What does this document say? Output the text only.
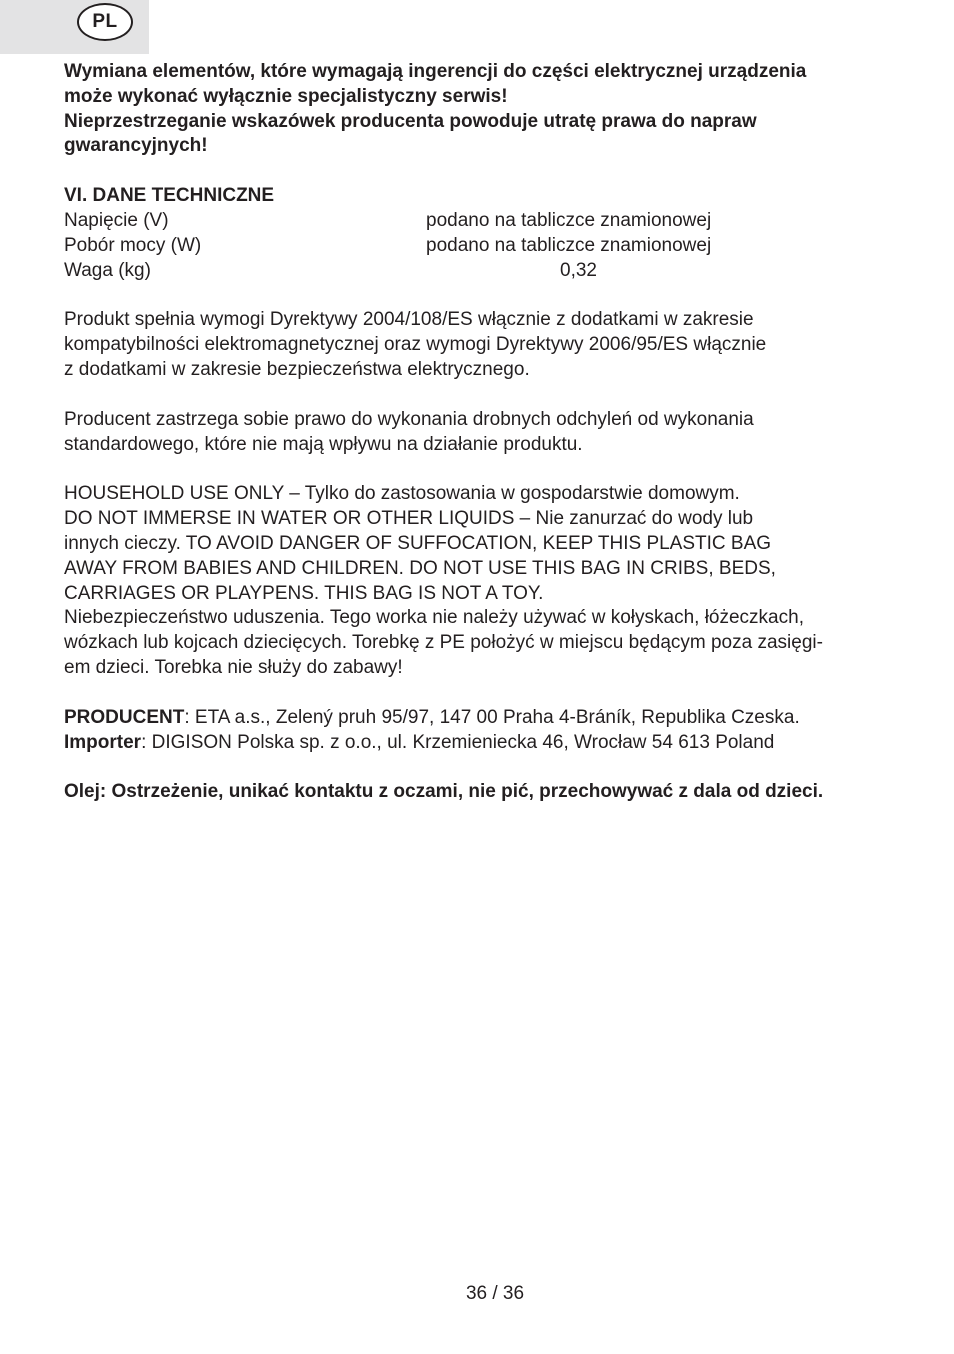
PL

Wymiana elementów, które wymagają ingerencji do części elektrycznej urządzenia
może wykonać wyłącznie specjalistyczny serwis!

Nieprzestrzeganie wskazówek producenta powoduje utratę prawa do napraw
gwarancyjnych!

VI. DANE TECHNICZNE

Napięcie (V)	podano na tabliczce znamionowej
Pobór mocy (W)	podano na tabliczce znamionowej
Waga (kg)	0,32

Produkt spełnia wymogi Dyrektywy 2004/108/ES włącznie z dodatkami w zakresie
kompatybilności elektromagnetycznej oraz wymogi Dyrektywy 2006/95/ES włącznie
z dodatkami w zakresie bezpieczeństwa elektrycznego.

Producent zastrzega sobie prawo do wykonania drobnych odchyleń od wykonania
standardowego, które nie mają wpływu na działanie produktu.

HOUSEHOLD USE ONLY – Tylko do zastosowania w gospodarstwie domowym.
DO NOT IMMERSE IN WATER OR OTHER LIQUIDS – Nie zanurzać do wody lub
innych cieczy. TO AVOID DANGER OF SUFFOCATION, KEEP THIS PLASTIC BAG
AWAY FROM BABIES AND CHILDREN. DO NOT USE THIS BAG IN CRIBS, BEDS,
CARRIAGES OR PLAYPENS. THIS BAG IS NOT A TOY.
Niebezpieczeństwo uduszenia. Tego worka nie należy używać w kołyskach, łóżeczkach,
wózkach lub kojcach dziecięcych. Torebkę z PE położyć w miejscu będącym poza zasięgi-
em dzieci. Torebka nie służy do zabawy!

PRODUCENT: ETA a.s., Zelený pruh 95/97, 147 00 Praha 4-Bráník, Republika Czeska.

Importer: DIGISON Polska sp. z o.o., ul. Krzemieniecka 46, Wrocław 54 613 Poland

Olej: Ostrzeżenie, unikać kontaktu z oczami, nie pić, przechowywać z dala od dzieci.

36 / 36
